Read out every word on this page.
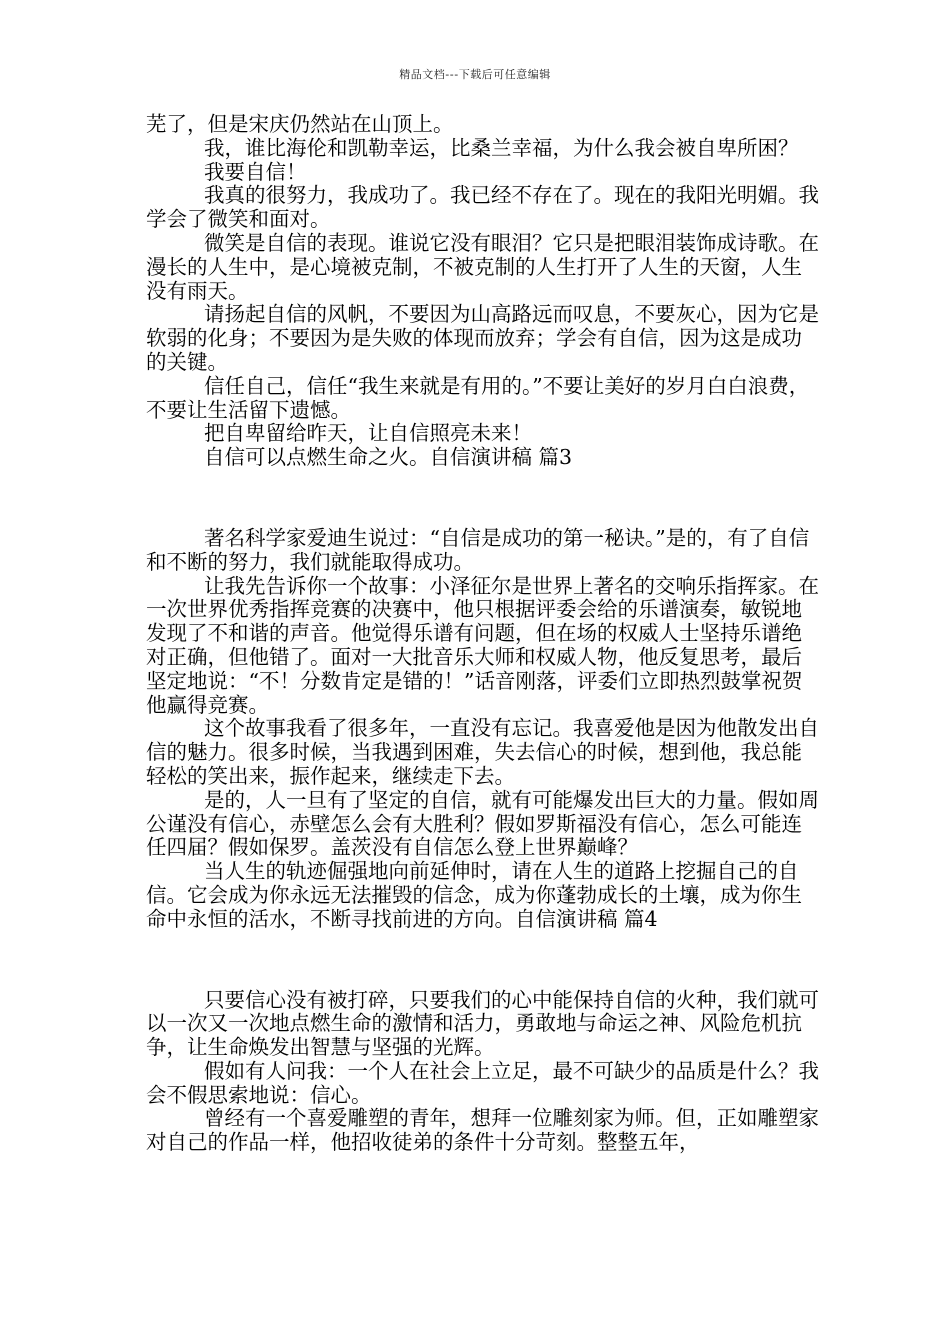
精品文档---下载后可任意编辑

芜了，但是宋庆仍然站在山顶上。

我，谁比海伦和凯勒幸运，比桑兰幸福，为什么我会被自卑所困？

我要自信！

我真的很努力，我成功了。我已经不存在了。现在的我阳光明媚。我学会了微笑和面对。

微笑是自信的表现。谁说它没有眼泪？它只是把眼泪装饰成诗歌。在漫长的人生中，是心境被克制，不被克制的人生打开了人生的天窗，人生没有雨天。

请扬起自信的风帆，不要因为山高路远而叹息，不要灰心，因为它是软弱的化身；不要因为是失败的体现而放弃；学会有自信，因为这是成功的关键。

信任自己，信任“我生来就是有用的。”不要让美好的岁月白白浪费，不要让生活留下遗憾。

把自卑留给昨天，让自信照亮未来！

自信可以点燃生命之火。自信演讲稿 篇3

著名科学家爱迪生说过：“自信是成功的第一秘诀。”是的，有了自信和不断的努力，我们就能取得成功。

让我先告诉你一个故事：小泽征尔是世界上著名的交响乐指挥家。在一次世界优秀指挥竞赛的决赛中，他只根据评委会给的乐谱演奏，敏锐地发现了不和谐的声音。他觉得乐谱有问题，但在场的权威人士坚持乐谱绝对正确，但他错了。面对一大批音乐大师和权威人物，他反复思考，最后坚定地说：“不！分数肯定是错的！”话音刚落，评委们立即热烈鼓掌祝贺他赢得竞赛。

这个故事我看了很多年，一直没有忘记。我喜爱他是因为他散发出自信的魅力。很多时候，当我遇到困难，失去信心的时候，想到他，我总能轻松的笑出来，振作起来，继续走下去。

是的，人一旦有了坚定的自信，就有可能爆发出巨大的力量。假如周公谨没有信心，赤壁怎么会有大胜利？假如罗斯福没有信心，怎么可能连任四届？假如保罗。盖茨没有自信怎么登上世界巅峰？

当人生的轨迹倔强地向前延伸时，请在人生的道路上挖掘自己的自信。它会成为你永远无法摧毁的信念，成为你蓬勃成长的土壤，成为你生命中永恒的活水，不断寻找前进的方向。自信演讲稿 篇4

只要信心没有被打碎，只要我们的心中能保持自信的火种，我们就可以一次又一次地点燃生命的激情和活力，勇敢地与命运之神、风险危机抗争，让生命焕发出智慧与坚强的光辉。

假如有人问我：一个人在社会上立足，最不可缺少的品质是什么？我会不假思索地说：信心。

曾经有一个喜爱雕塑的青年，想拜一位雕刻家为师。但，正如雕塑家对自己的作品一样，他招收徒弟的条件十分苛刻。整整五年，
